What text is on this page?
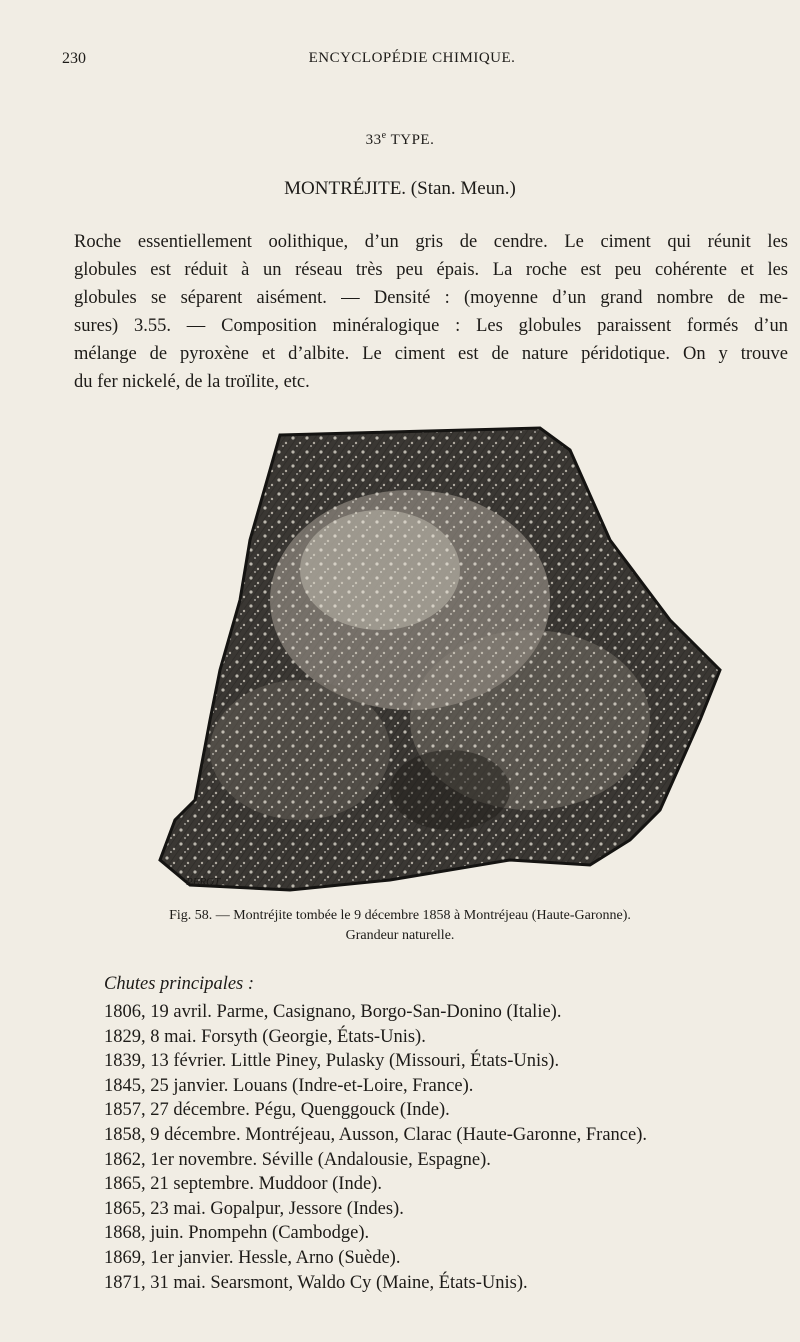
230	ENCYCLOPÉDIE CHIMIQUE.
33e TYPE.
MONTRÉJITE. (Stan. Meun.)
Roche essentiellement oolithique, d’un gris de cendre. Le ciment qui réunit les
globules est réduit à un réseau très peu épais. La roche est peu cohérente et les
globules se séparent aisément. — Densité : (moyenne d’un grand nombre de me-
sures) 3.55. — Composition minéralogique : Les globules paraissent formés d’un
mélange de pyroxène et d’albite. Le ciment est de nature péridotique. On y trouve
du fer nickelé, de la troïlite, etc.
PEROT
Fig. 58. — Montréjite tombée le 9 décembre 1858 à Montréjeau (Haute-Garonne).
Grandeur naturelle.
Chutes principales :
1806, 19 avril. Parme, Casignano, Borgo-San-Donino (Italie).
1829, 8 mai. Forsyth (Georgie, États-Unis).
1839, 13 février. Little Piney, Pulasky (Missouri, États-Unis).
1845, 25 janvier. Louans (Indre-et-Loire, France).
1857, 27 décembre. Pégu, Quenggouck (Inde).
1858, 9 décembre. Montréjeau, Ausson, Clarac (Haute-Garonne, France).
1862, 1er novembre. Séville (Andalousie, Espagne).
1865, 21 septembre. Muddoor (Inde).
1865, 23 mai. Gopalpur, Jessore (Indes).
1868, juin. Pnompehn (Cambodge).
1869, 1er janvier. Hessle, Arno (Suède).
1871, 31 mai. Searsmont, Waldo Cy (Maine, États-Unis).
